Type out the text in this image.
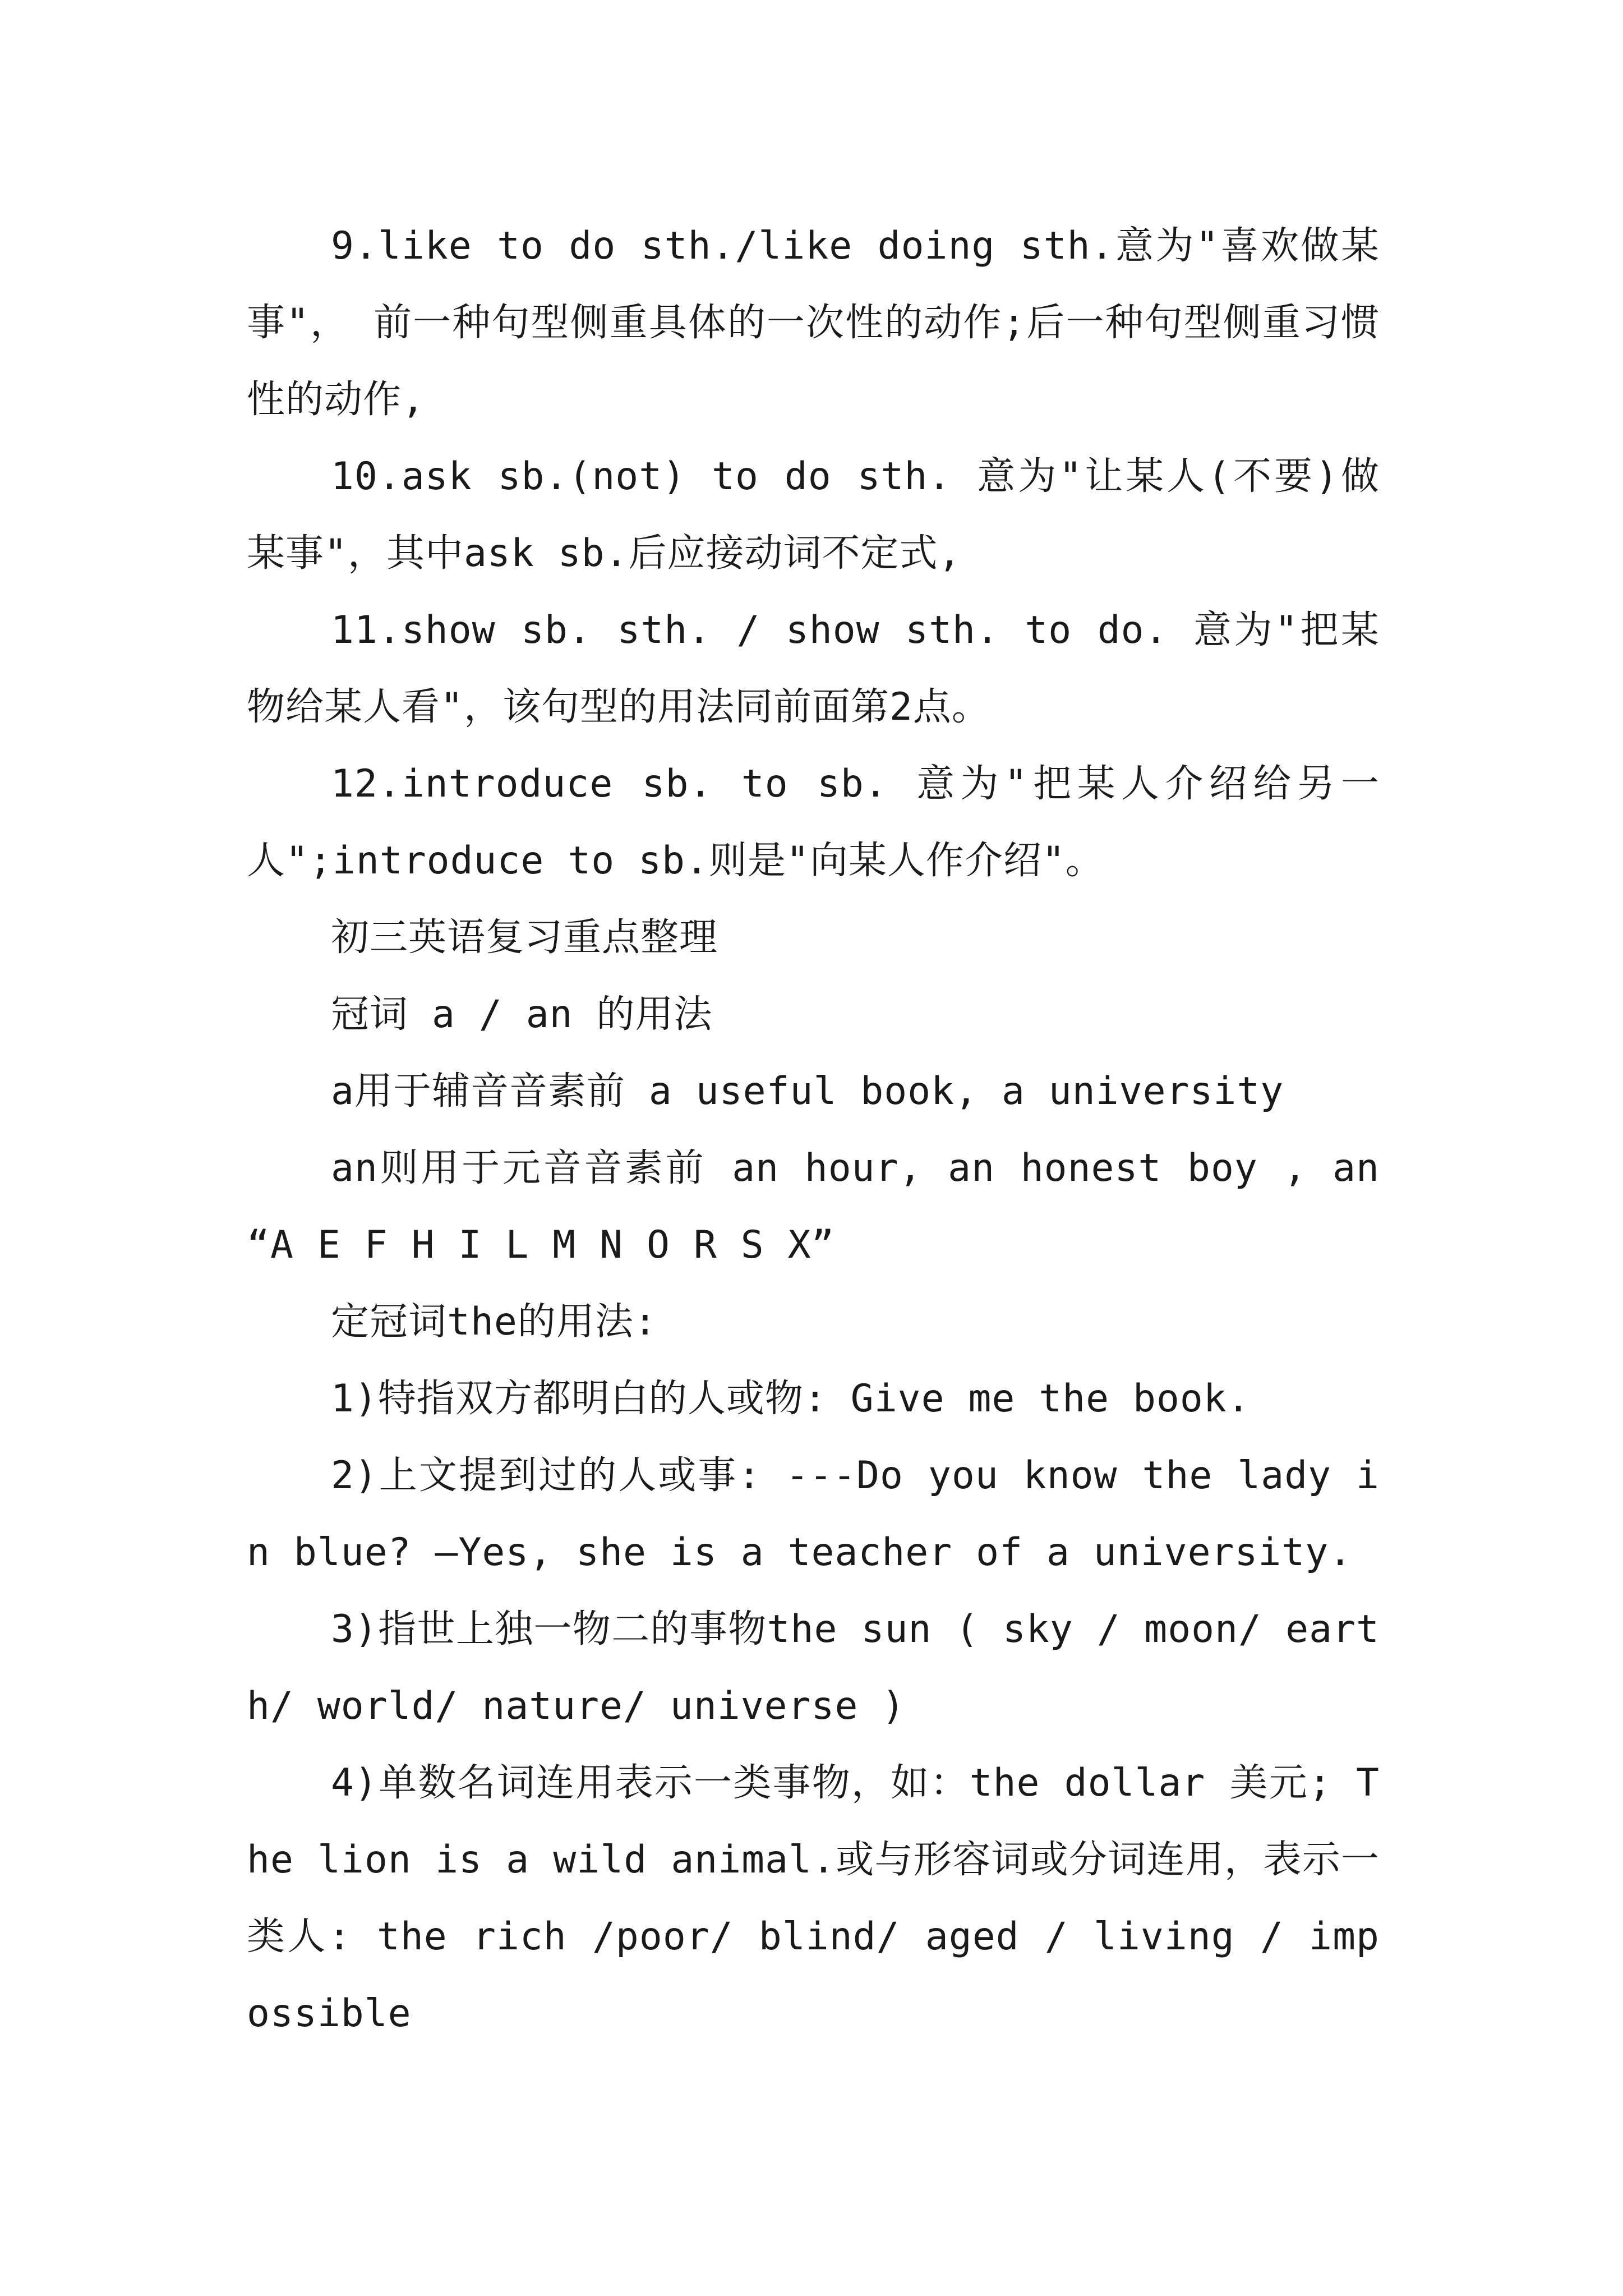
9.like to do sth./like doing sth.意为"喜欢做某事"， 前一种句型侧重具体的一次性的动作;后一种句型侧重习惯性的动作,

10.ask sb.(not) to do sth. 意为"让某人(不要)做某事"，其中ask sb.后应接动词不定式,

11.show sb. sth. / show sth. to do. 意为"把某物给某人看"，该句型的用法同前面第2点。

12.introduce sb. to sb. 意为"把某人介绍给另一人";introduce to sb.则是"向某人作介绍"。

初三英语复习重点整理

冠词 a / an 的用法

a用于辅音音素前 a useful book, a university

an则用于元音音素前 an hour, an honest boy , an “A E F H I L M N O R S X”

定冠词the的用法:

1)特指双方都明白的人或物: Give me the book.

2)上文提到过的人或事: ---Do you know the lady in blue? –Yes, she is a teacher of a university.

3)指世上独一物二的事物the sun ( sky / moon/ earth/ world/ nature/ universe )

4)单数名词连用表示一类事物，如：the dollar 美元; The lion is a wild animal.或与形容词或分词连用，表示一类人: the rich /poor/ blind/ aged / living / impossible
